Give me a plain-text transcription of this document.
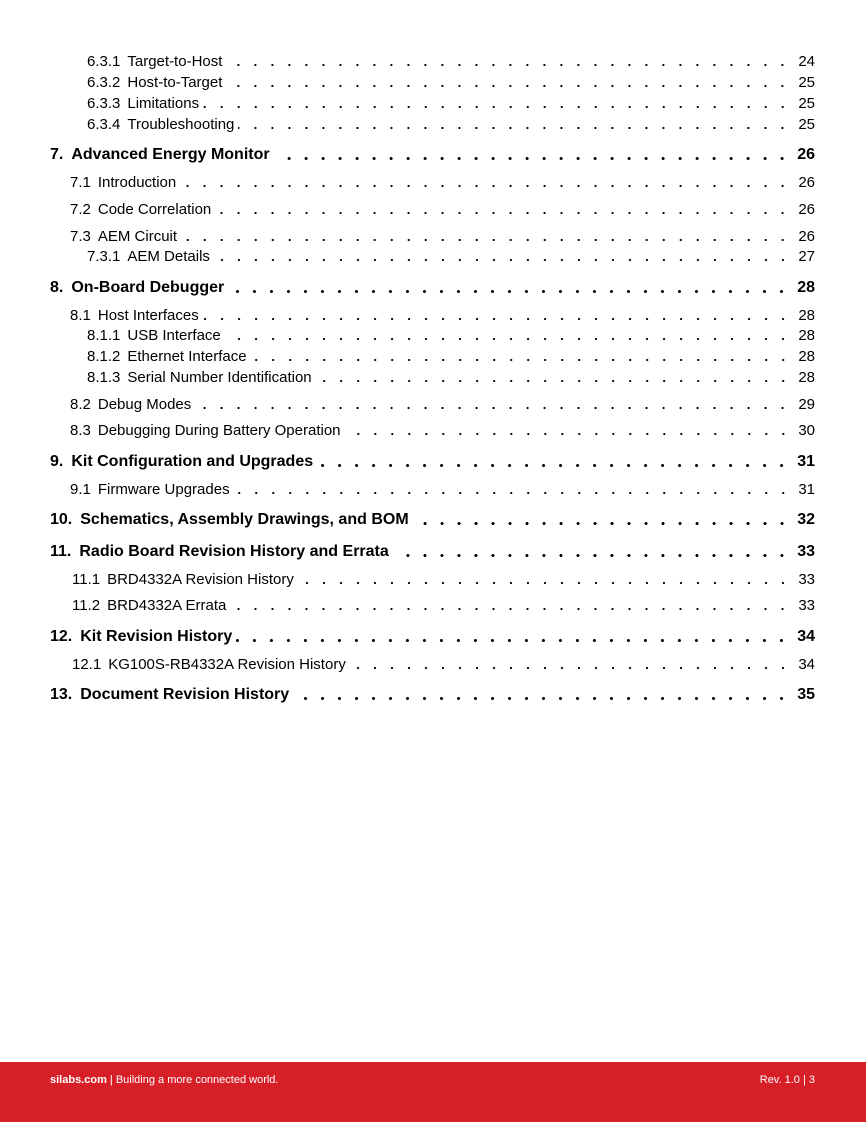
6.3.1 Target-to-Host	24
6.3.2 Host-to-Target	25
6.3.3 Limitations	25
6.3.4 Troubleshooting	25
7. Advanced Energy Monitor	26
7.1 Introduction	26
7.2 Code Correlation	26
7.3 AEM Circuit	26
7.3.1 AEM Details	27
8. On-Board Debugger	28
8.1 Host Interfaces	28
8.1.1 USB Interface	28
8.1.2 Ethernet Interface	28
8.1.3 Serial Number Identification	28
8.2 Debug Modes	29
8.3 Debugging During Battery Operation	30
9. Kit Configuration and Upgrades	31
9.1 Firmware Upgrades	31
10. Schematics, Assembly Drawings, and BOM	32
11. Radio Board Revision History and Errata	33
11.1 BRD4332A Revision History	33
11.2 BRD4332A Errata	33
12. Kit Revision History	34
12.1 KG100S-RB4332A Revision History	34
13. Document Revision History	35
silabs.com | Building a more connected world.	Rev. 1.0 | 3
